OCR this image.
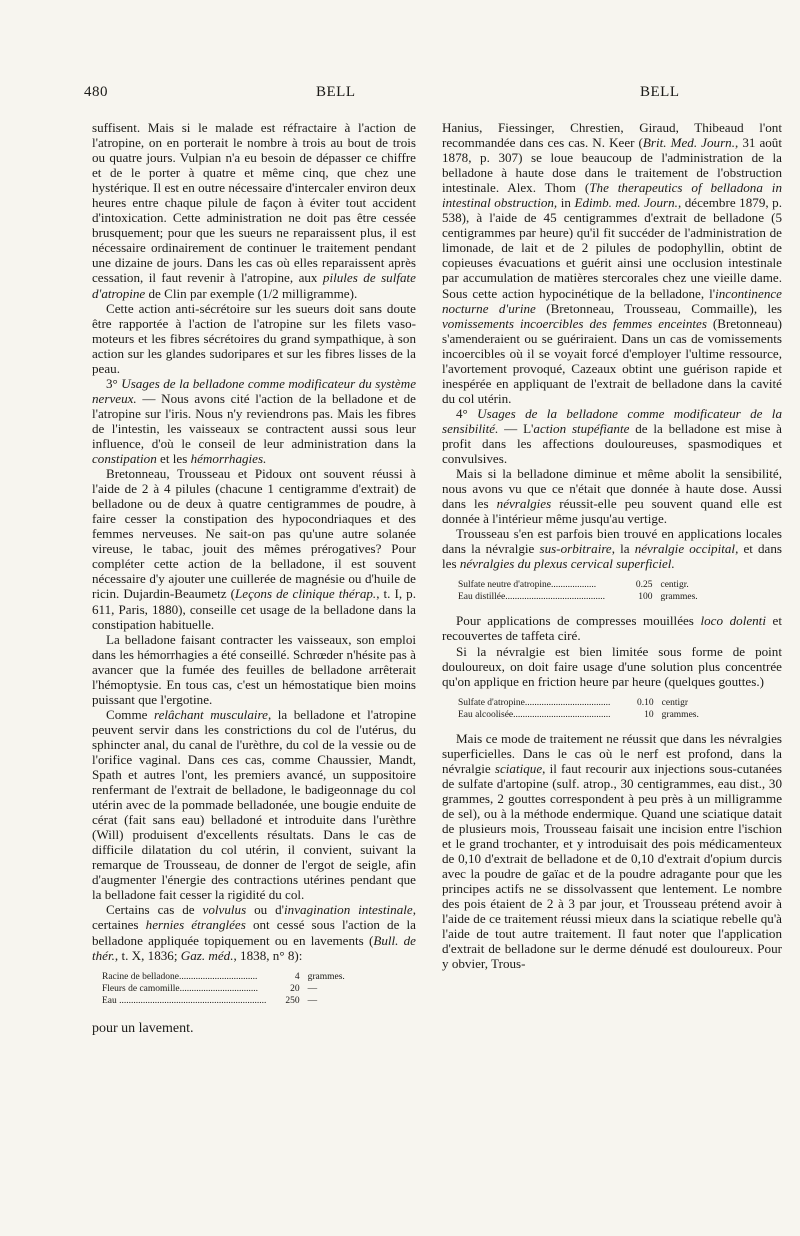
480	BELL	BELL

suffisent. Mais si le malade est réfractaire à l'action de l'atropine, on en porterait le nombre à trois au bout de trois ou quatre jours. Vulpian n'a eu besoin de dépasser ce chiffre et de le porter à quatre et même cinq, que chez une hystérique. Il est en outre nécessaire d'intercaler environ deux heures entre chaque pilule de façon à éviter tout accident d'intoxication. Cette administration ne doit pas être cessée brusquement; pour que les sueurs ne reparaissent plus, il est nécessaire ordinairement de continuer le traitement pendant une dizaine de jours. Dans les cas où elles reparaissent après cessation, il faut revenir à l'atropine, aux pilules de sulfate d'atropine de Clin par exemple (1/2 milligramme).

Cette action anti-sécrétoire sur les sueurs doit sans doute être rapportée à l'action de l'atropine sur les filets vaso-moteurs et les fibres sécrétoires du grand sympathique, à son action sur les glandes sudoripares et sur les fibres lisses de la peau.

3° Usages de la belladone comme modificateur du système nerveux. — Nous avons cité l'action de la belladone et de l'atropine sur l'iris. Nous n'y reviendrons pas. Mais les fibres de l'intestin, les vaisseaux se contractent aussi sous leur influence, d'où le conseil de leur administration dans la constipation et les hémorrhagies.

Bretonneau, Trousseau et Pidoux ont souvent réussi à l'aide de 2 à 4 pilules (chacune 1 centigramme d'extrait) de belladone ou de deux à quatre centigrammes de poudre, à faire cesser la constipation des hypocondriaques et des femmes nerveuses. Ne sait-on pas qu'une autre solanée vireuse, le tabac, jouit des mêmes prérogatives? Pour compléter cette action de la belladone, il est souvent nécessaire d'y ajouter une cuillerée de magnésie ou d'huile de ricin. Dujardin-Beaumetz (Leçons de clinique thérap., t. I, p. 611, Paris, 1880), conseille cet usage de la belladone dans la constipation habituelle.

La belladone faisant contracter les vaisseaux, son emploi dans les hémorrhagies a été conseillé. Schrœder n'hésite pas à avancer que la fumée des feuilles de belladone arrêterait l'hémoptysie. En tous cas, c'est un hémostatique bien moins puissant que l'ergotine.

Comme relâchant musculaire, la belladone et l'atropine peuvent servir dans les constrictions du col de l'utérus, du sphincter anal, du canal de l'urèthre, du col de la vessie ou de l'orifice vaginal. Dans ces cas, comme Chaussier, Mandt, Spath et autres l'ont, les premiers avancé, un suppositoire renfermant de l'extrait de belladone, le badigeonnage du col utérin avec de la pommade belladonée, une bougie enduite de cérat (fait sans eau) belladoné et introduite dans l'urèthre (Will) produisent d'excellents résultats. Dans le cas de difficile dilatation du col utérin, il convient, suivant la remarque de Trousseau, de donner de l'ergot de seigle, afin d'augmenter l'énergie des contractions utérines pendant que la belladone fait cesser la rigidité du col.

Certains cas de volvulus ou d'invagination intestinale, certaines hernies étranglées ont cessé sous l'action de la belladone appliquée topiquement ou en lavements (Bull. de thér., t. X, 1836; Gaz. méd., 1838, n° 8):

Racine de belladone.................................	4	grammes.
Fleurs de camomille.................................	20	—
Eau ..............................................................	250	—
pour un lavement.

Hanius, Fiessinger, Chrestien, Giraud, Thibeaud l'ont recommandée dans ces cas. N. Keer (Brit. Med. Journ., 31 août 1878, p. 307) se loue beaucoup de l'administration de la belladone à haute dose dans le traitement de l'obstruction intestinale. Alex. Thom (The therapeutics of belladona in intestinal obstruction, in Edimb. med. Journ., décembre 1879, p. 538), à l'aide de 45 centigrammes d'extrait de belladone (5 centigrammes par heure) qu'il fit succéder de l'administration de limonade, de lait et de 2 pilules de podophyllin, obtint de copieuses évacuations et guérit ainsi une occlusion intestinale par accumulation de matières stercorales chez une vieille dame. Sous cette action hypocinétique de la belladone, l'incontinence nocturne d'urine (Bretonneau, Trousseau, Commaille), les vomissements incoercibles des femmes enceintes (Bretonneau) s'amenderaient ou se guériraient. Dans un cas de vomissements incoercibles où il se voyait forcé d'employer l'ultime ressource, l'avortement provoqué, Cazeaux obtint une guérison rapide et inespérée en appliquant de l'extrait de belladone dans la cavité du col utérin.

4° Usages de la belladone comme modificateur de la sensibilité. — L'action stupéfiante de la belladone est mise à profit dans les affections douloureuses, spasmodiques et convulsives.

Mais si la belladone diminue et même abolit la sensibilité, nous avons vu que ce n'était que donnée à haute dose. Aussi dans les névralgies réussit-elle peu souvent quand elle est donnée à l'intérieur même jusqu'au vertige.

Trousseau s'en est parfois bien trouvé en applications locales dans la névralgie sus-orbitraire, la névralgie occipital, et dans les névralgies du plexus cervical superficiel.

Sulfate neutre d'atropine...................	0.25	centigr.
Eau distillée..........................................	100	grammes.

Pour applications de compresses mouillées loco dolenti et recouvertes de taffeta ciré.

Si la névralgie est bien limitée sous forme de point douloureux, on doit faire usage d'une solution plus concentrée qu'on applique en friction heure par heure (quelques gouttes.)

Sulfate d'atropine....................................	0.10	centigr
Eau alcoolisée.........................................	10	grammes.

Mais ce mode de traitement ne réussit que dans les névralgies superficielles. Dans le cas où le nerf est profond, dans la névralgie sciatique, il faut recourir aux injections sous-cutanées de sulfate d'artopine (sulf. atrop., 30 centigrammes, eau dist., 30 grammes, 2 gouttes correspondent à peu près à un milligramme de sel), ou à la méthode endermique. Quand une sciatique datait de plusieurs mois, Trousseau faisait une incision entre l'ischion et le grand trochanter, et y introduisait des pois médicamenteux de 0,10 d'extrait de belladone et de 0,10 d'extrait d'opium durcis avec la poudre de gaïac et de la poudre adragante pour que les principes actifs ne se dissolvassent que lentement. Le nombre des pois étaient de 2 à 3 par jour, et Trousseau prétend avoir à l'aide de ce traitement réussi mieux dans la sciatique rebelle qu'à l'aide de tout autre traitement. Il faut noter que l'application d'extrait de belladone sur le derme dénudé est douloureux. Pour y obvier, Trous-
